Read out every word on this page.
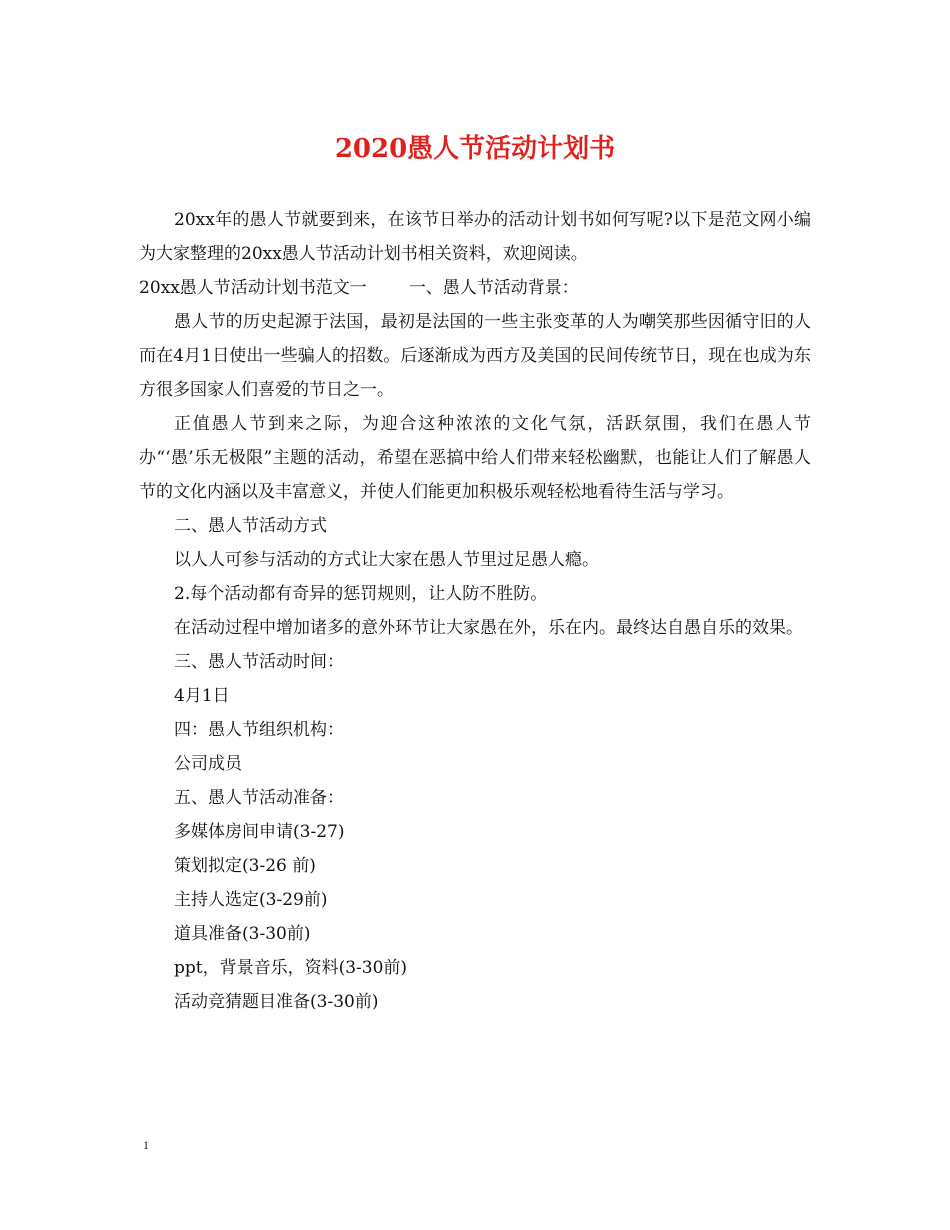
2020愚人节活动计划书

20xx年的愚人节就要到来，在该节日举办的活动计划书如何写呢?以下是范文网小编为大家整理的20xx愚人节活动计划书相关资料，欢迎阅读。

20xx愚人节活动计划书范文一 一、愚人节活动背景：

愚人节的历史起源于法国，最初是法国的一些主张变革的人为嘲笑那些因循守旧的人而在4月1日使出一些骗人的招数。后逐渐成为西方及美国的民间传统节日，现在也成为东方很多国家人们喜爱的节日之一。

正值愚人节到来之际，为迎合这种浓浓的文化气氛，活跃氛围，我们在愚人节办“‘愚’乐无极限”主题的活动，希望在恶搞中给人们带来轻松幽默，也能让人们了解愚人节的文化内涵以及丰富意义，并使人们能更加积极乐观轻松地看待生活与学习。

二、愚人节活动方式

以人人可参与活动的方式让大家在愚人节里过足愚人瘾。

2.每个活动都有奇异的惩罚规则，让人防不胜防。

在活动过程中增加诸多的意外环节让大家愚在外，乐在内。最终达自愚自乐的效果。

三、愚人节活动时间：

4月1日

四：愚人节组织机构：

公司成员

五、愚人节活动准备：

多媒体房间申请(3-27)

策划拟定(3-26 前)

主持人选定(3-29前)

道具准备(3-30前)

ppt，背景音乐，资料(3-30前)

活动竞猜题目准备(3-30前)

1
